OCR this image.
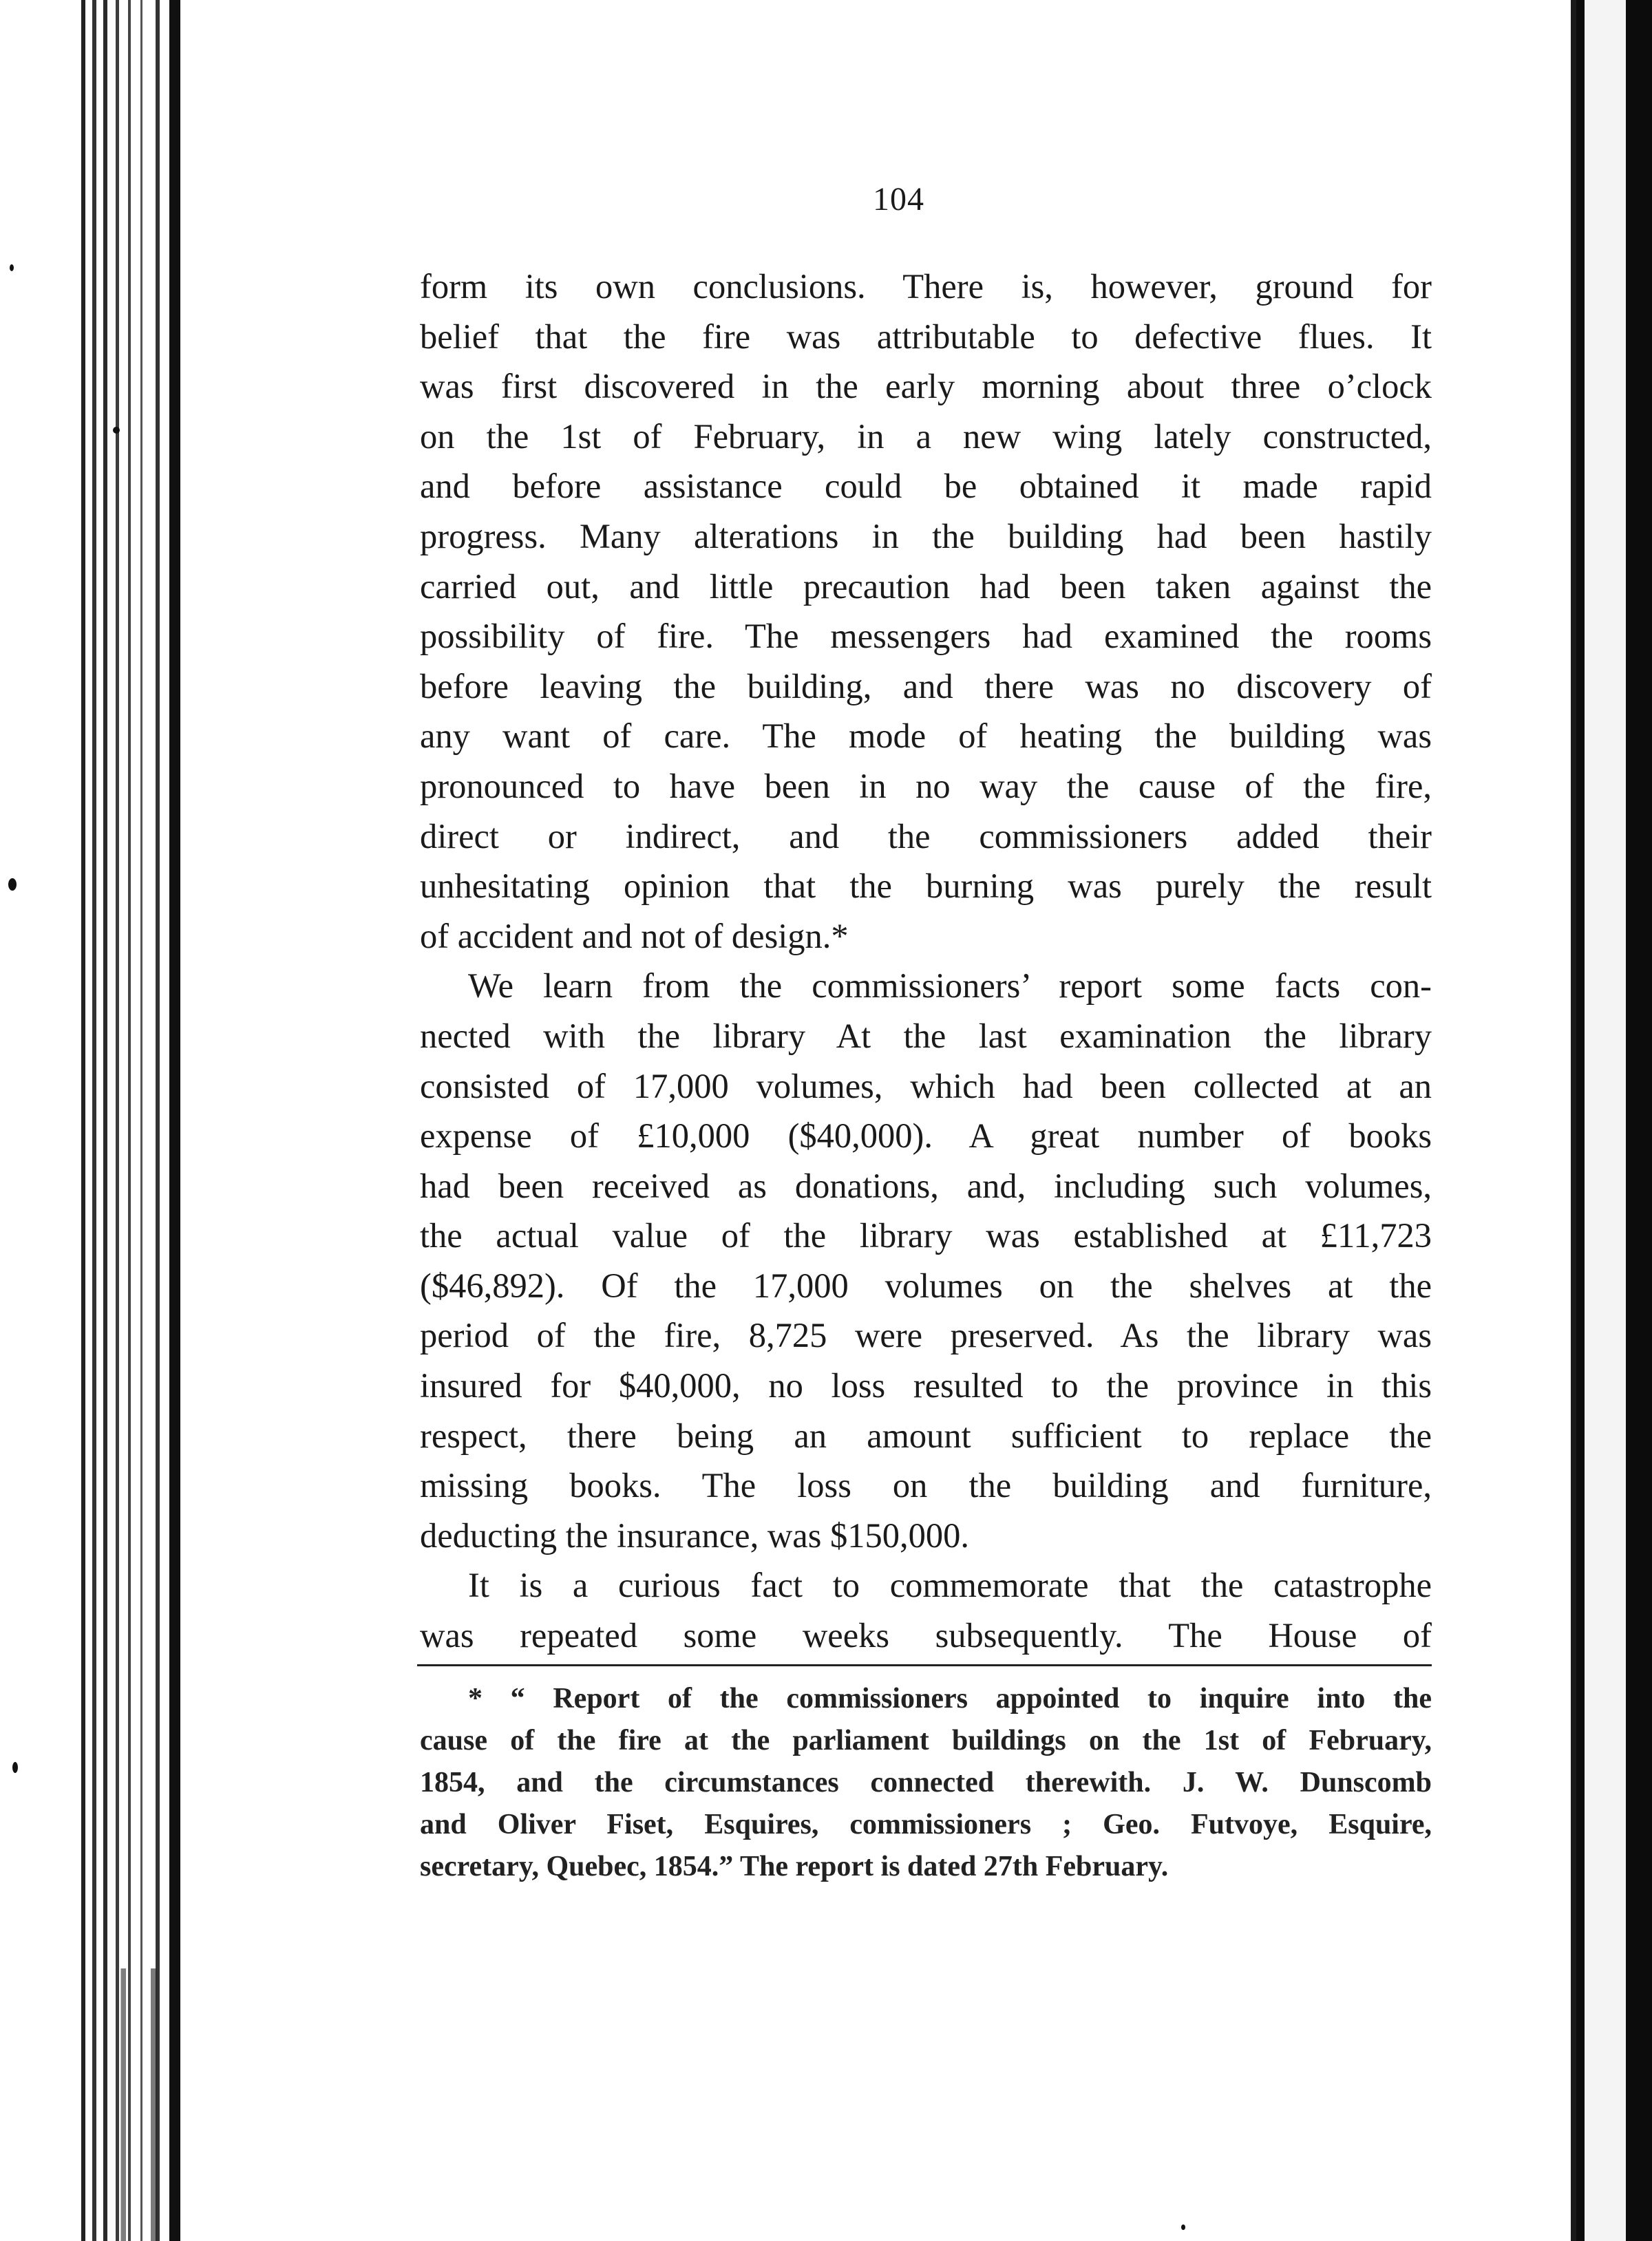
104
form its own conclusions. There is, however, ground for
belief that the fire was attributable to defective flues. It
was first discovered in the early morning about three o’clock
on the 1st of February, in a new wing lately constructed,
and before assistance could be obtained it made rapid
progress. Many alterations in the building had been hastily
carried out, and little precaution had been taken against the
possibility of fire. The messengers had examined the rooms
before leaving the building, and there was no discovery of
any want of care. The mode of heating the building was
pronounced to have been in no way the cause of the fire,
direct or indirect, and the commissioners added their
unhesitating opinion that the burning was purely the result
of accident and not of design.*
We learn from the commissioners’ report some facts con-
nected with the library At the last examination the library
consisted of 17,000 volumes, which had been collected at an
expense of £10,000 ($40,000). A great number of books
had been received as donations, and, including such volumes,
the actual value of the library was established at £11,723
($46,892). Of the 17,000 volumes on the shelves at the
period of the fire, 8,725 were preserved. As the library was
insured for $40,000, no loss resulted to the province in this
respect, there being an amount sufficient to replace the
missing books. The loss on the building and furniture,
deducting the insurance, was $150,000.
It is a curious fact to commemorate that the catastrophe
was repeated some weeks subsequently. The House of
* “ Report of the commissioners appointed to inquire into the
cause of the fire at the parliament buildings on the 1st of February,
1854, and the circumstances connected therewith. J. W. Dunscomb
and Oliver Fiset, Esquires, commissioners ; Geo. Futvoye, Esquire,
secretary, Quebec, 1854.” The report is dated 27th February.
